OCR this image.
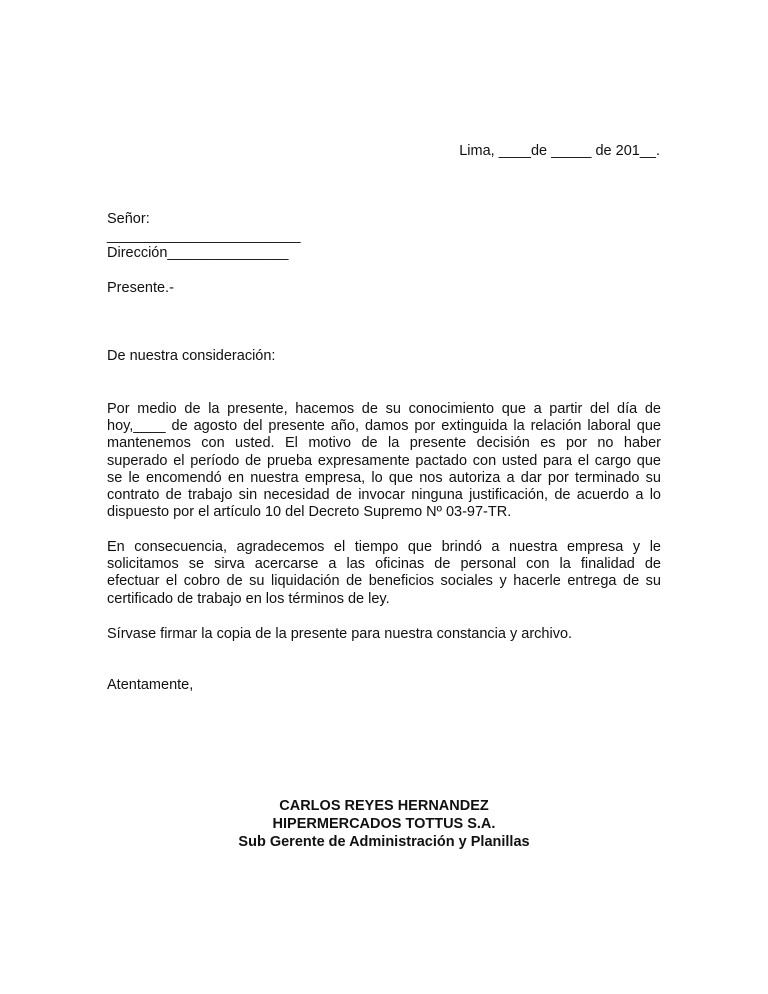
Lima, ____de _____ de 201__.
Señor:
________________________
Dirección_______________
Presente.-
De nuestra consideración:
Por medio de la presente, hacemos de su conocimiento que a partir del día de
hoy,____ de agosto del presente año, damos por extinguida la relación laboral que
mantenemos con usted. El motivo de la presente decisión es por no haber
superado el período de prueba expresamente pactado con usted para el cargo que
se le encomendó en nuestra empresa, lo que nos autoriza a dar por terminado su
contrato de trabajo sin necesidad de invocar ninguna justificación, de acuerdo a lo
dispuesto por el artículo 10 del Decreto Supremo Nº 03-97-TR.
En consecuencia, agradecemos el tiempo que brindó a nuestra empresa y le
solicitamos se sirva acercarse a las oficinas de personal con la finalidad de
efectuar el cobro de su liquidación de beneficios sociales y hacerle entrega de su
certificado de trabajo en los términos de ley.
Sírvase firmar la copia de la presente para nuestra constancia y archivo.
Atentamente,
CARLOS REYES HERNANDEZ
HIPERMERCADOS TOTTUS S.A.
Sub Gerente de Administración y Planillas
